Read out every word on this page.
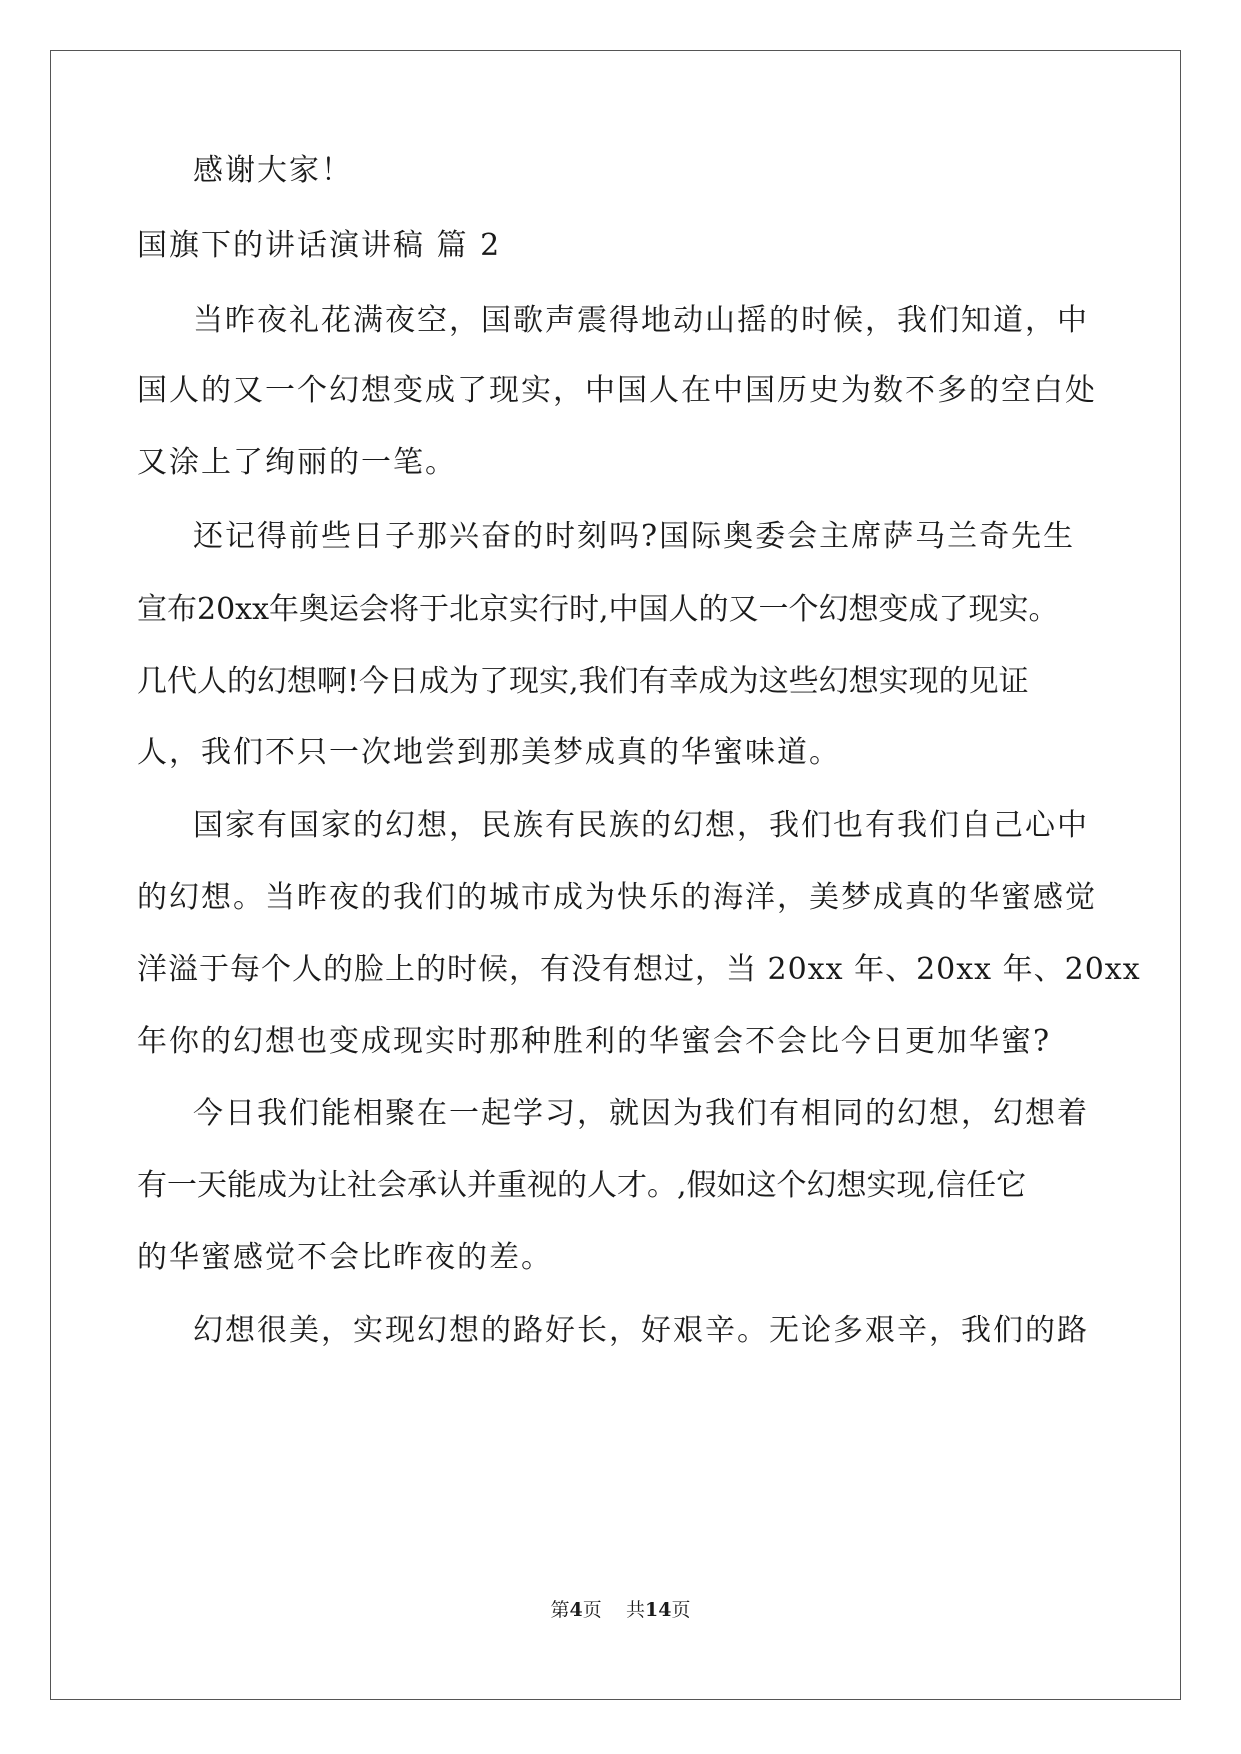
感谢大家！
国旗下的讲话演讲稿 篇 2
当昨夜礼花满夜空，国歌声震得地动山摇的时候，我们知道，中
国人的又一个幻想变成了现实，中国人在中国历史为数不多的空白处
又涂上了绚丽的一笔。
还记得前些日子那兴奋的时刻吗?国际奥委会主席萨马兰奇先生
宣布20xx年奥运会将于北京实行时,中国人的又一个幻想变成了现实。
几代人的幻想啊!今日成为了现实,我们有幸成为这些幻想实现的见证
人，我们不只一次地尝到那美梦成真的华蜜味道。
国家有国家的幻想，民族有民族的幻想，我们也有我们自己心中
的幻想。当昨夜的我们的城市成为快乐的海洋，美梦成真的华蜜感觉
洋溢于每个人的脸上的时候，有没有想过，当 20xx 年、20xx 年、20xx
年你的幻想也变成现实时那种胜利的华蜜会不会比今日更加华蜜?
今日我们能相聚在一起学习，就因为我们有相同的幻想，幻想着
有一天能成为让社会承认并重视的人才。,假如这个幻想实现,信任它
的华蜜感觉不会比昨夜的差。
幻想很美，实现幻想的路好长，好艰辛。无论多艰辛，我们的路
第4页 共14页
